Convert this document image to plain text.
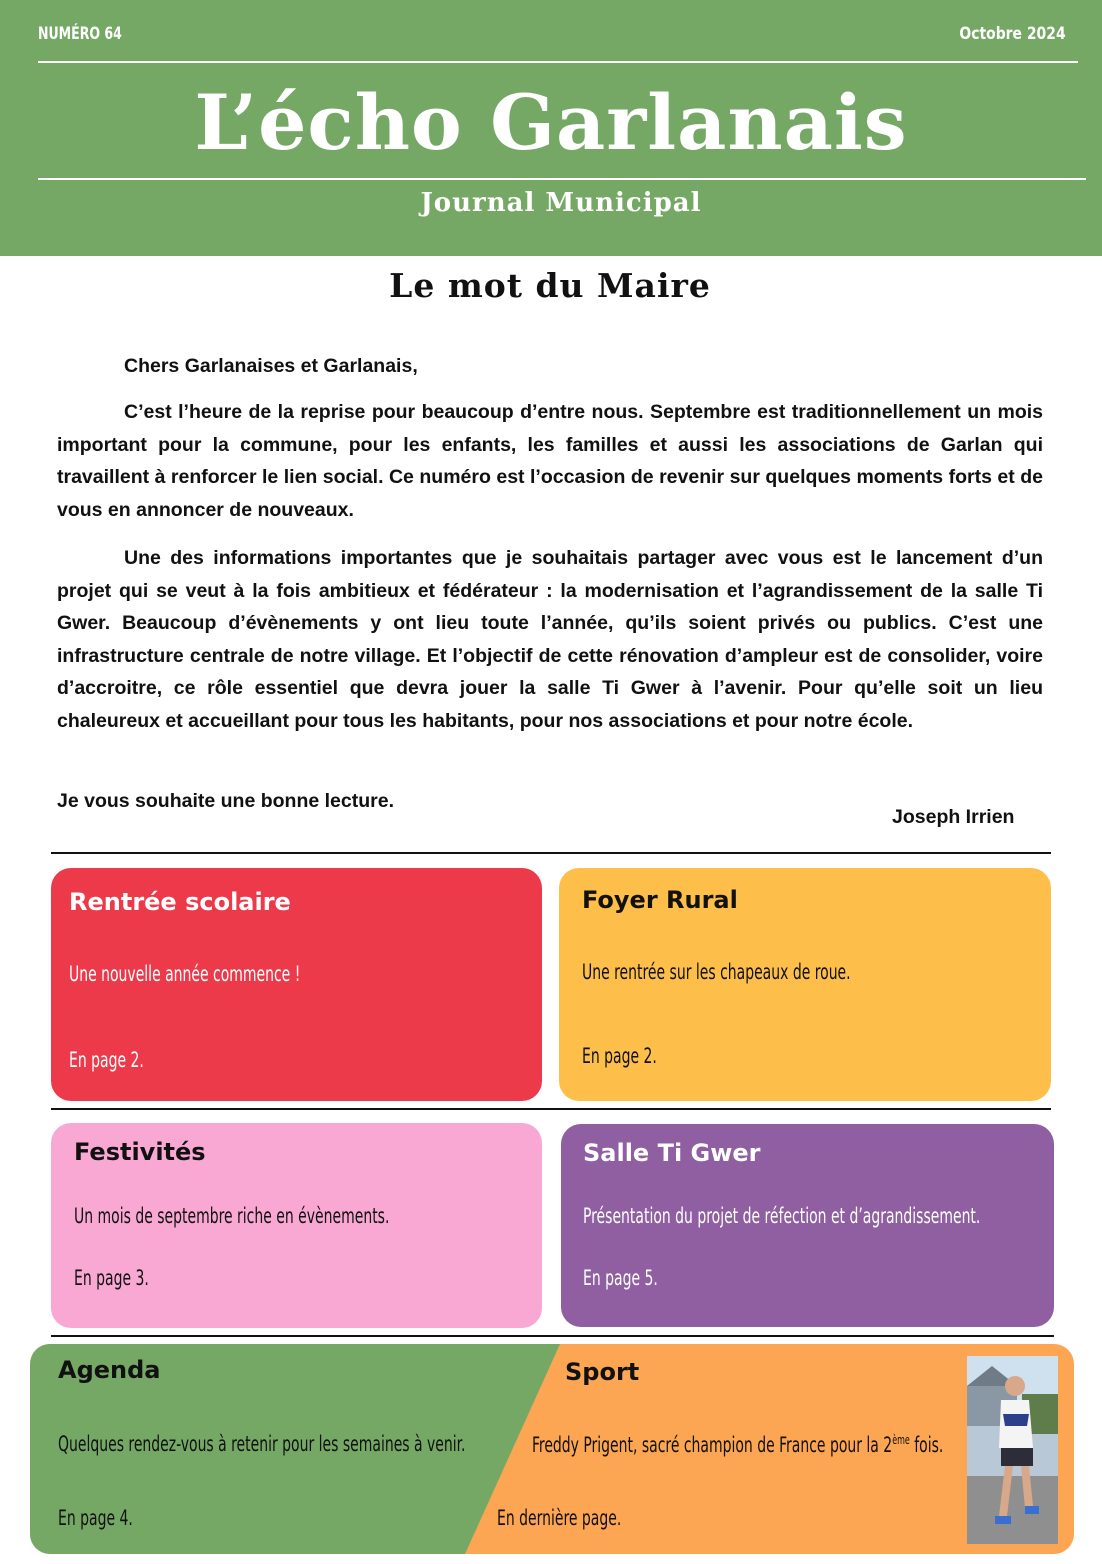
NUMÉRO 64	Octobre 2024
L’écho Garlanais
Journal Municipal
Le mot du Maire

Chers Garlanaises et Garlanais,

C’est l’heure de la reprise pour beaucoup d’entre nous. Septembre est traditionnellement un mois important pour la commune, pour les enfants, les familles et aussi les associations de Garlan qui travaillent à renforcer le lien social. Ce numéro est l’occasion de revenir sur quelques moments forts et de vous en annoncer de nouveaux.

Une des informations importantes que je souhaitais partager avec vous est le lancement d’un projet qui se veut à la fois ambitieux et fédérateur : la modernisation et l’agrandissement de la salle Ti Gwer. Beaucoup d’évènements y ont lieu toute l’année, qu’ils soient privés ou publics. C’est une infrastructure centrale de notre village. Et l’objectif de cette rénovation d’ampleur est de consolider, voire d’accroitre, ce rôle essentiel que devra jouer la salle Ti Gwer à l’avenir. Pour qu’elle soit un lieu chaleureux et accueillant pour tous les habitants, pour nos associations et pour notre école.

Je vous souhaite une bonne lecture.

Joseph Irrien
Rentrée scolaire
Une nouvelle année commence !
En page 2.
Foyer Rural
Une rentrée sur les chapeaux de roue.
En page 2.
Festivités
Un mois de septembre riche en évènements.
En page 3.
Salle Ti Gwer
Présentation du projet de réfection et d’agrandissement.
En page 5.
Agenda
Quelques rendez-vous à retenir pour les semaines à venir.
En page 4.
Sport
Freddy Prigent, sacré champion de France pour la 2ème fois.
En dernière page.
